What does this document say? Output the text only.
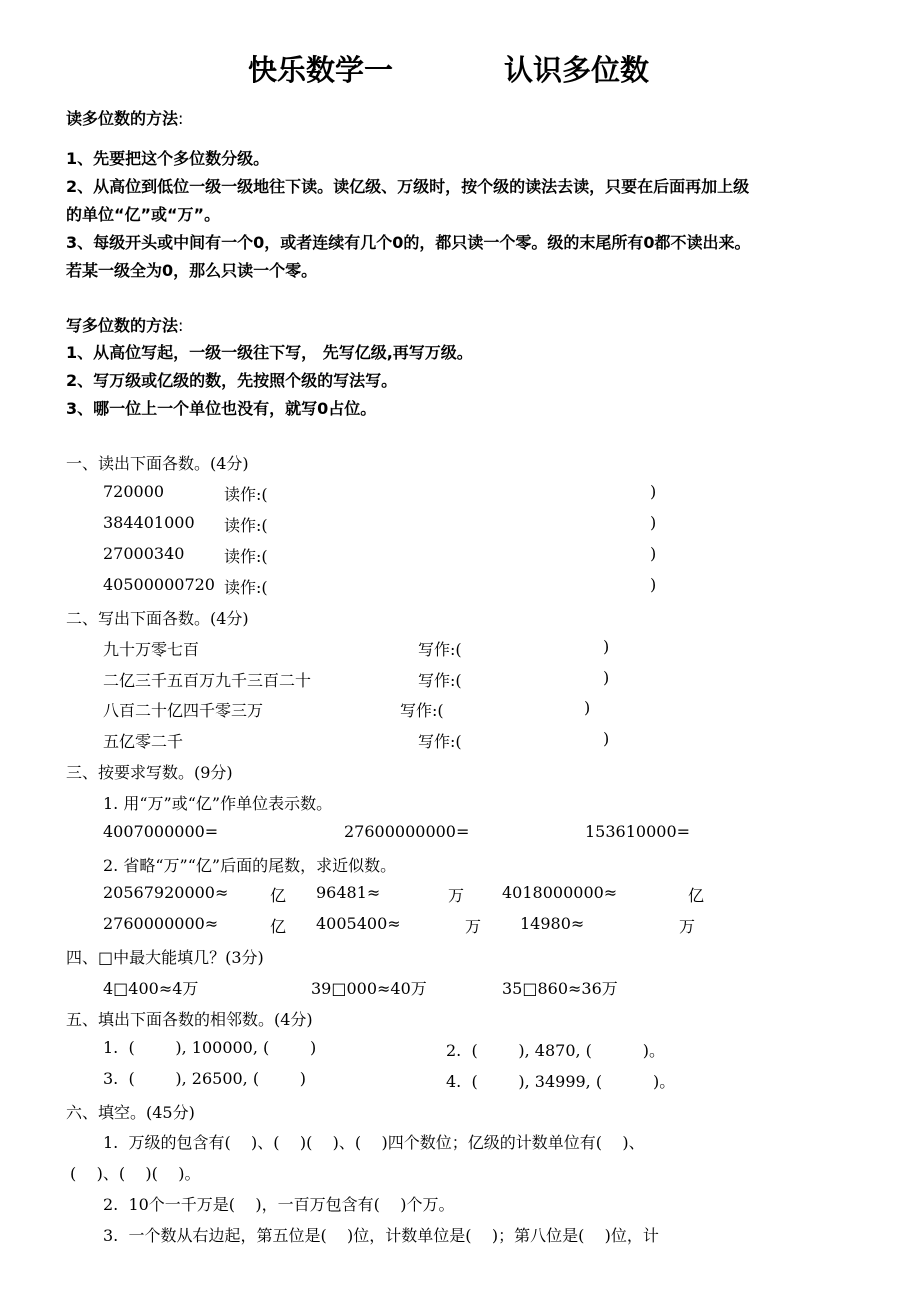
快乐数学一	认识多位数
读多位数的方法:
1、先要把这个多位数分级。
2、从高位到低位一级一级地往下读。读亿级、万级时，按个级的读法去读，只要在后面再加上级
的单位“亿”或“万”。
3、每级开头或中间有一个0，或者连续有几个0的，都只读一个零。级的末尾所有0都不读出来。
若某一级全为0，那么只读一个零。
写多位数的方法:
1、从高位写起，一级一级往下写， 先写亿级,再写万级。
2、写万级或亿级的数，先按照个级的写法写。
3、哪一位上一个单位也没有，就写0占位。
一、读出下面各数。(4分)
720000	读作:(	)
384401000 读作:(	)
27000340 读作:(	)
40500000720 读作:(	)
二、写出下面各数。(4分)
九十万零七百	写作:(	)
二亿三千五百万九千三百二十	写作:(	)
八百二十亿四千零三万	写作:(	)
五亿零二千	写作:(	)
三、按要求写数。(9分)
1. 用“万”或“亿”作单位表示数。
4007000000=	27600000000=	153610000=
2. 省略“万”“亿”后面的尾数，求近似数。
20567920000≈	亿 96481≈	万 4018000000≈	亿
2760000000≈	亿 4005400≈	万 14980≈	万
四、□中最大能填几？(3分)
4□400≈4万	39□000≈40万	35□860≈36万
五、填出下面各数的相邻数。(4分)
1.  (        ), 100000, (        )	2.  (        ), 4870, (          )。
3.  (        ), 26500, (        )	4.  (        ), 34999, (          )。
六、填空。(45分)
1.  万级的包含有(    )、(    )(    )、(    )四个数位；亿级的计数单位有(    )、
(    )、(    )(    )。
2.  10个一千万是(    )，一百万包含有(    )个万。
3.  一个数从右边起，第五位是(    )位，计数单位是(    )；第八位是(    )位，计
